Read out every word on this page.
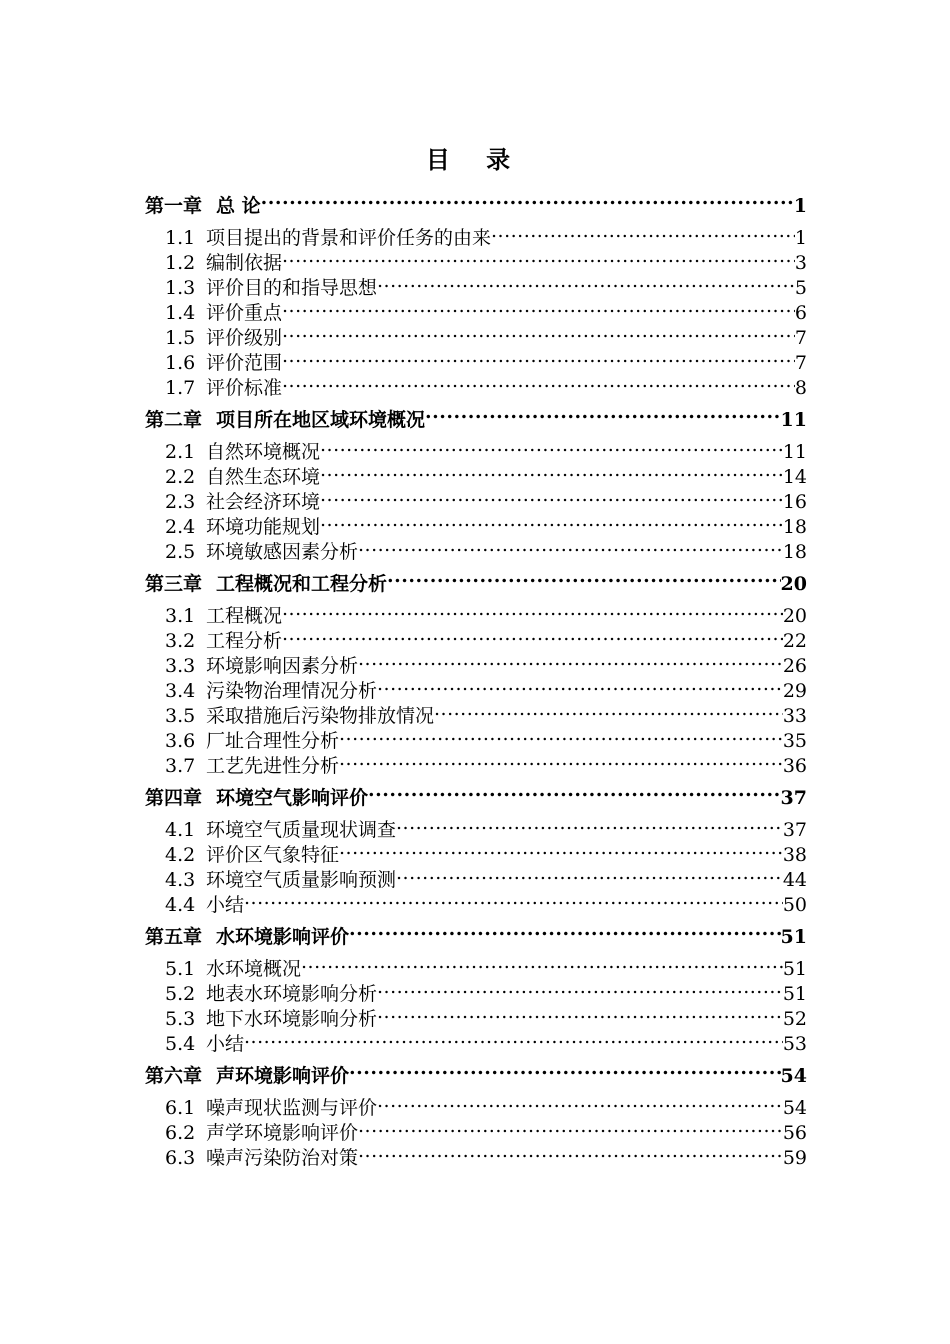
目 录
第一章 总 论 .....	1
1.1 项目提出的背景和评价任务的由来 .....	1
1.2 编制依据 .....	3
1.3 评价目的和指导思想 .....	5
1.4 评价重点 .....	6
1.5 评价级别 .....	7
1.6 评价范围 .....	7
1.7 评价标准 .....	8
第二章 项目所在地区域环境概况 .....	11
2.1 自然环境概况 .....	11
2.2 自然生态环境 .....	14
2.3 社会经济环境 .....	16
2.4 环境功能规划 .....	18
2.5 环境敏感因素分析 .....	18
第三章 工程概况和工程分析 .....	20
3.1 工程概况 .....	20
3.2 工程分析 .....	22
3.3 环境影响因素分析 .....	26
3.4 污染物治理情况分析 .....	29
3.5 采取措施后污染物排放情况 .....	33
3.6 厂址合理性分析 .....	35
3.7 工艺先进性分析 .....	36
第四章 环境空气影响评价 .....	37
4.1 环境空气质量现状调查 .....	37
4.2 评价区气象特征 .....	38
4.3 环境空气质量影响预测 .....	44
4.4 小结 .....	50
第五章 水环境影响评价 .....	51
5.1 水环境概况 .....	51
5.2 地表水环境影响分析 .....	51
5.3 地下水环境影响分析 .....	52
5.4 小结 .....	53
第六章 声环境影响评价 .....	54
6.1 噪声现状监测与评价 .....	54
6.2 声学环境影响评价 .....	56
6.3 噪声污染防治对策 .....	59
